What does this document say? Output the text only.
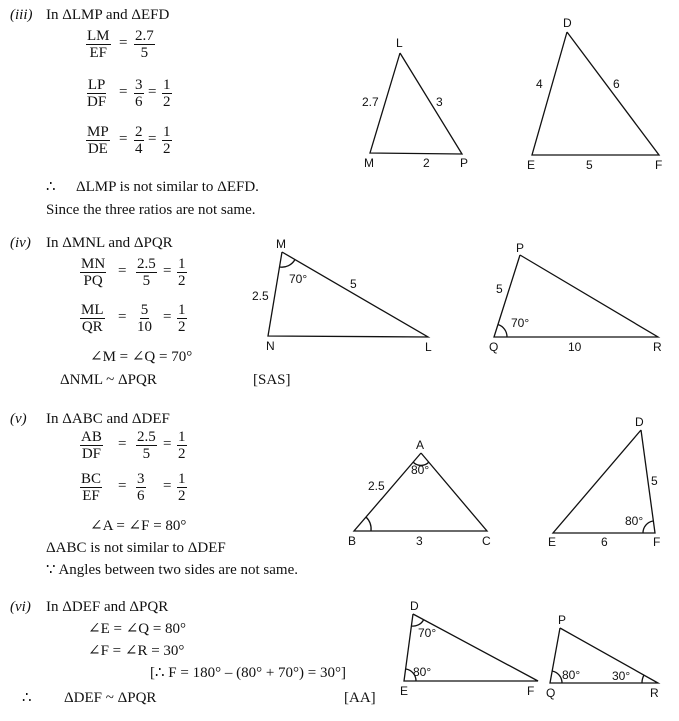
(iii) In ΔLMP and ΔEFD
$\frac{LM}{EF} = \frac{2.7}{5}$
$\frac{LP}{DF} = \frac{3}{6} = \frac{1}{2}$
$\frac{MP}{DE} = \frac{2}{4} = \frac{1}{2}$
∴ ΔLMP is not similar to ΔEFD.
Since the three ratios are not same.
(iv) In ΔMNL and ΔPQR
$\frac{MN}{PQ} = \frac{2.5}{5} = \frac{1}{2}$
$\frac{ML}{QR} = \frac{5}{10} = \frac{1}{2}$
∠M = ∠Q = 70°
ΔNML ~ ΔPQR	[SAS]
(v) In ΔABC and ΔDEF
$\frac{AB}{DF} = \frac{2.5}{5} = \frac{1}{2}$
$\frac{BC}{EF} = \frac{3}{6} = \frac{1}{2}$
∠A = ∠F = 80°
ΔABC is not similar to ΔDEF
∵ Angles between two sides are not same.
(vi) In ΔDEF and ΔPQR
∠E = ∠Q = 80°
∠F = ∠R = 30°
[∴ F = 180° – (80° + 70°) = 30°]
∴ ΔDEF ~ ΔPQR	[AA]
L
M	P
2.7	3
2
D
E	F
4	6
5
M
N	L
2.5
5
70°
P
Q	R
5
10
70°
A
B	C
2.5
3
80°
D
E	F
5
6
80°
D
E	F
70°
80°
P
Q	R
80°	30°
